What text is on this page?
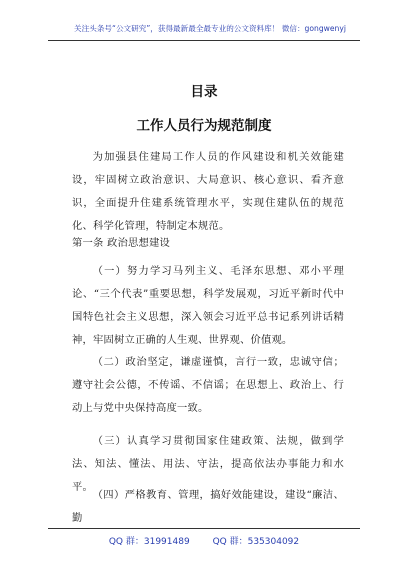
关注头条号“公文研究”，获得最新最全最专业的公文资料库！ 微信：gongwenyj
目录
工作人员行为规范制度

为加强县住建局工作人员的作风建设和机关效能建设，牢固树立政治意识、大局意识、核心意识、看齐意识，全面提升住建系统管理水平，实现住建队伍的规范化、科学化管理，特制定本规范。

第一条 政治思想建设

（一）努力学习马列主义、毛泽东思想、邓小平理论、“三个代表”重要思想，科学发展观，习近平新时代中国特色社会主义思想，深入领会习近平总书记系列讲话精神，牢固树立正确的人生观、世界观、价值观。

（二）政治坚定，谦虚谨慎，言行一致，忠诚守信；遵守社会公德，不传谣、不信谣；在思想上、政治上、行动上与党中央保持高度一致。

（三）认真学习贯彻国家住建政策、法规，做到学法、知法、懂法、用法、守法，提高依法办事能力和水平。

（四）严格教育、管理，搞好效能建设，建设“廉洁、勤

QQ 群：31991489	QQ 群：535304092
